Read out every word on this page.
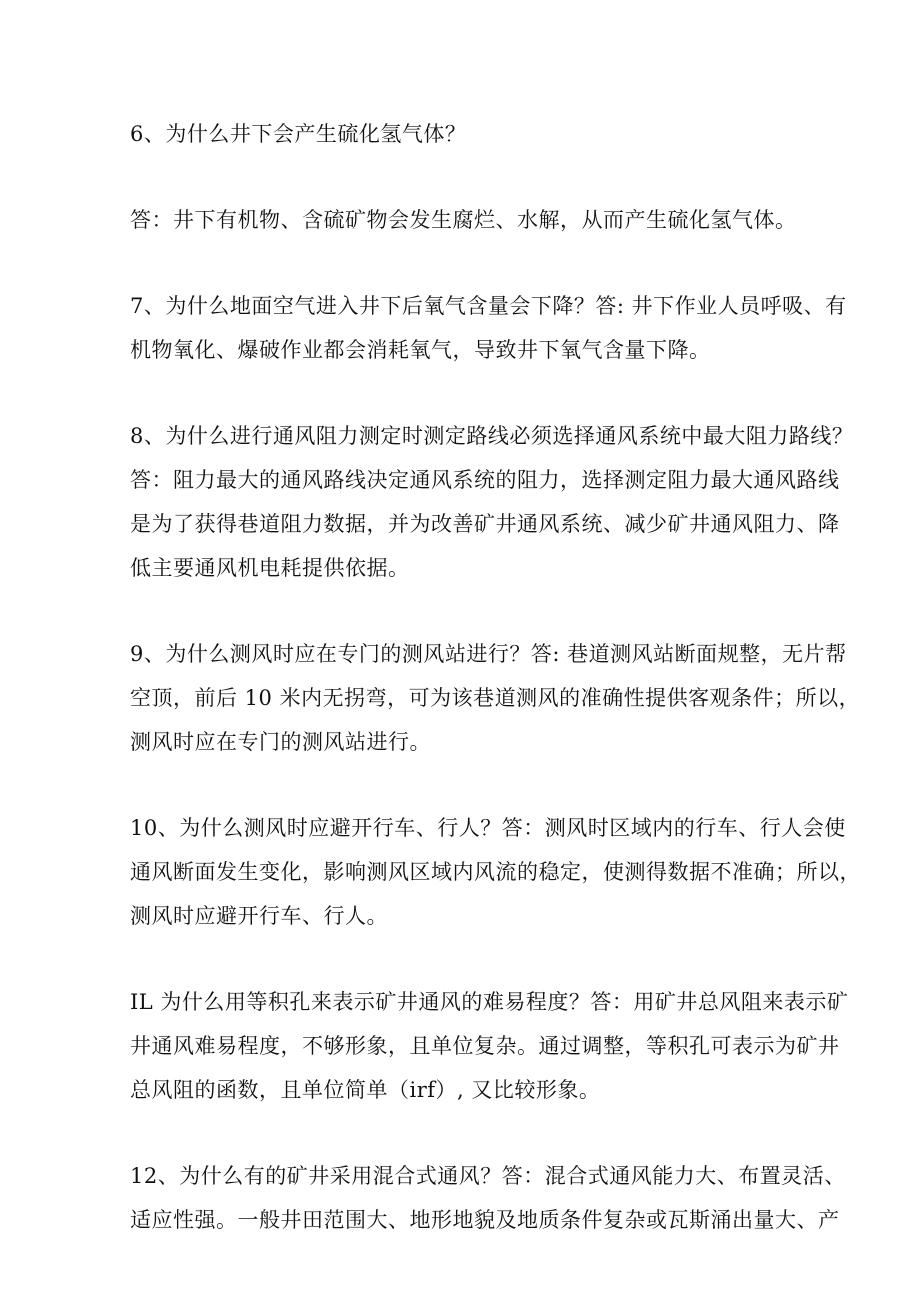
6、为什么井下会产生硫化氢气体？

答：井下有机物、含硫矿物会发生腐烂、水解，从而产生硫化氢气体。

7、为什么地面空气进入井下后氧气含量会下降？答: 井下作业人员呼吸、有
机物氧化、爆破作业都会消耗氧气，导致井下氧气含量下降。

8、为什么进行通风阻力测定时测定路线必须选择通风系统中最大阻力路线？
答：阻力最大的通风路线决定通风系统的阻力，选择测定阻力最大通风路线
是为了获得巷道阻力数据，并为改善矿井通风系统、减少矿井通风阻力、降
低主要通风机电耗提供依据。

9、为什么测风时应在专门的测风站进行？答: 巷道测风站断面规整，无片帮
空顶，前后 10 米内无拐弯，可为该巷道测风的准确性提供客观条件；所以，
测风时应在专门的测风站进行。

10、为什么测风时应避开行车、行人？答：测风时区域内的行车、行人会使
通风断面发生变化，影响测风区域内风流的稳定，使测得数据不准确；所以，
测风时应避开行车、行人。

IL 为什么用等积孔来表示矿井通风的难易程度？答：用矿井总风阻来表示矿
井通风难易程度，不够形象，且单位复杂。通过调整，等积孔可表示为矿井
总风阻的函数，且单位简单（irf）, 又比较形象。

12、为什么有的矿井采用混合式通风？答：混合式通风能力大、布置灵活、
适应性强。一般井田范围大、地形地貌及地质条件复杂或瓦斯涌出量大、产
